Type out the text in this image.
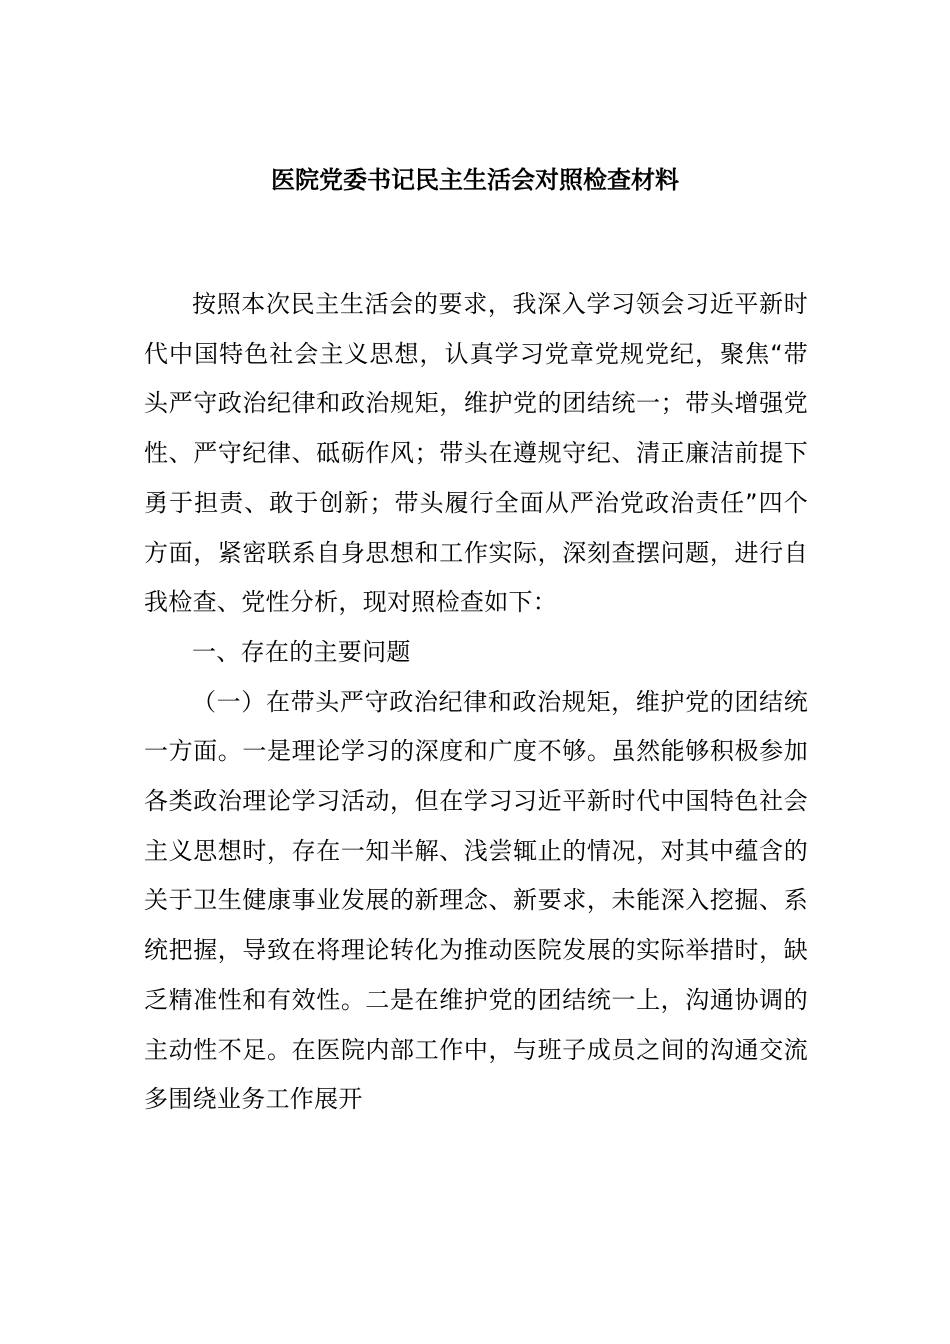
医院党委书记民主生活会对照检查材料

按照本次民主生活会的要求，我深入学习领会习近平新时代中国特色社会主义思想，认真学习党章党规党纪，聚焦“带头严守政治纪律和政治规矩，维护党的团结统一；带头增强党性、严守纪律、砥砺作风；带头在遵规守纪、清正廉洁前提下勇于担责、敢于创新；带头履行全面从严治党政治责任”四个方面，紧密联系自身思想和工作实际，深刻查摆问题，进行自我检查、党性分析，现对照检查如下：

一、存在的主要问题

（一）在带头严守政治纪律和政治规矩，维护党的团结统一方面。一是理论学习的深度和广度不够。虽然能够积极参加各类政治理论学习活动，但在学习习近平新时代中国特色社会主义思想时，存在一知半解、浅尝辄止的情况，对其中蕴含的关于卫生健康事业发展的新理念、新要求，未能深入挖掘、系统把握，导致在将理论转化为推动医院发展的实际举措时，缺乏精准性和有效性。二是在维护党的团结统一上，沟通协调的主动性不足。在医院内部工作中，与班子成员之间的沟通交流多围绕业务工作展开
